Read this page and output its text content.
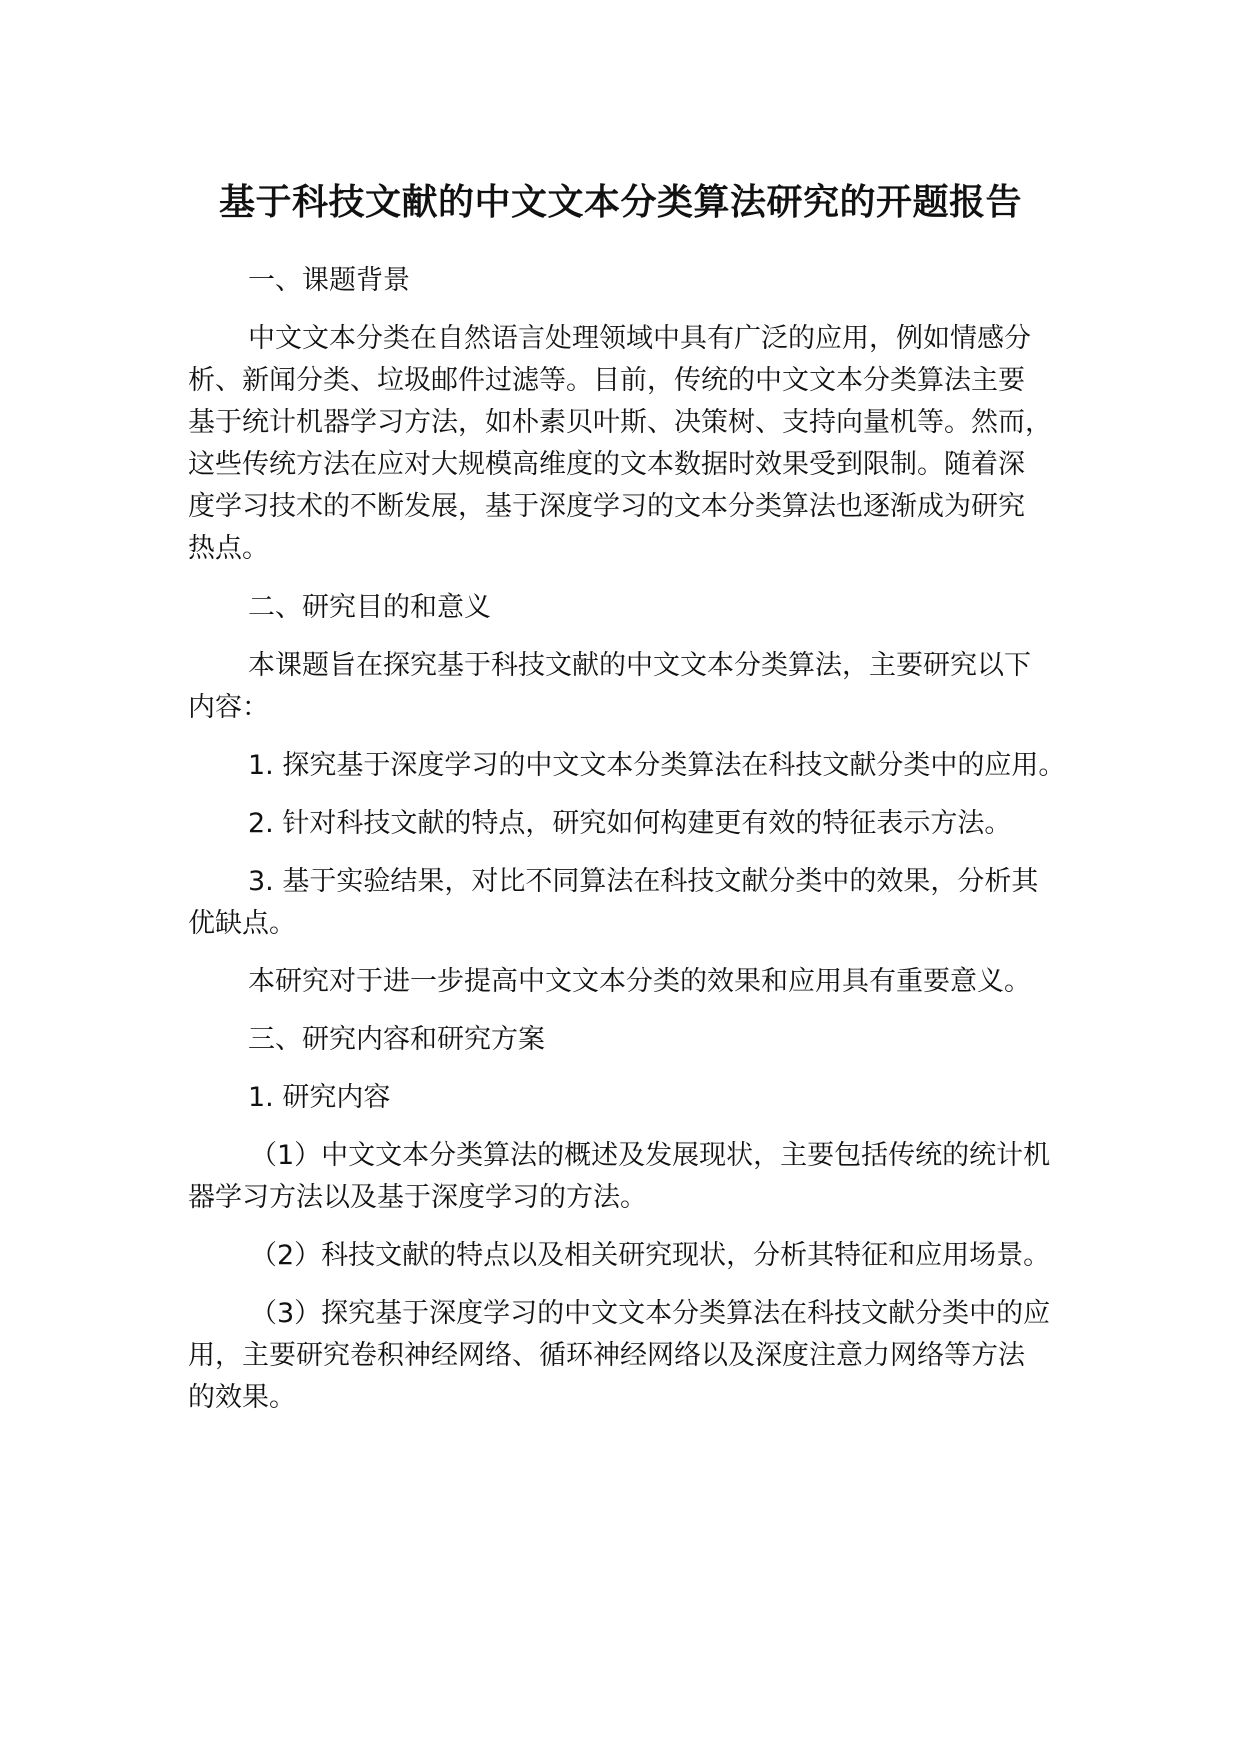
基于科技文献的中文文本分类算法研究的开题报告

一、课题背景

中文文本分类在自然语言处理领域中具有广泛的应用，例如情感分

析、新闻分类、垃圾邮件过滤等。目前，传统的中文文本分类算法主要

基于统计机器学习方法，如朴素贝叶斯、决策树、支持向量机等。然而，

这些传统方法在应对大规模高维度的文本数据时效果受到限制。随着深

度学习技术的不断发展，基于深度学习的文本分类算法也逐渐成为研究

热点。

二、研究目的和意义

本课题旨在探究基于科技文献的中文文本分类算法，主要研究以下

内容：

1. 探究基于深度学习的中文文本分类算法在科技文献分类中的应用。

2. 针对科技文献的特点，研究如何构建更有效的特征表示方法。

3. 基于实验结果，对比不同算法在科技文献分类中的效果，分析其

优缺点。

本研究对于进一步提高中文文本分类的效果和应用具有重要意义。

三、研究内容和研究方案

1. 研究内容

（1）中文文本分类算法的概述及发展现状，主要包括传统的统计机

器学习方法以及基于深度学习的方法。

（2）科技文献的特点以及相关研究现状，分析其特征和应用场景。

（3）探究基于深度学习的中文文本分类算法在科技文献分类中的应

用，主要研究卷积神经网络、循环神经网络以及深度注意力网络等方法

的效果。
